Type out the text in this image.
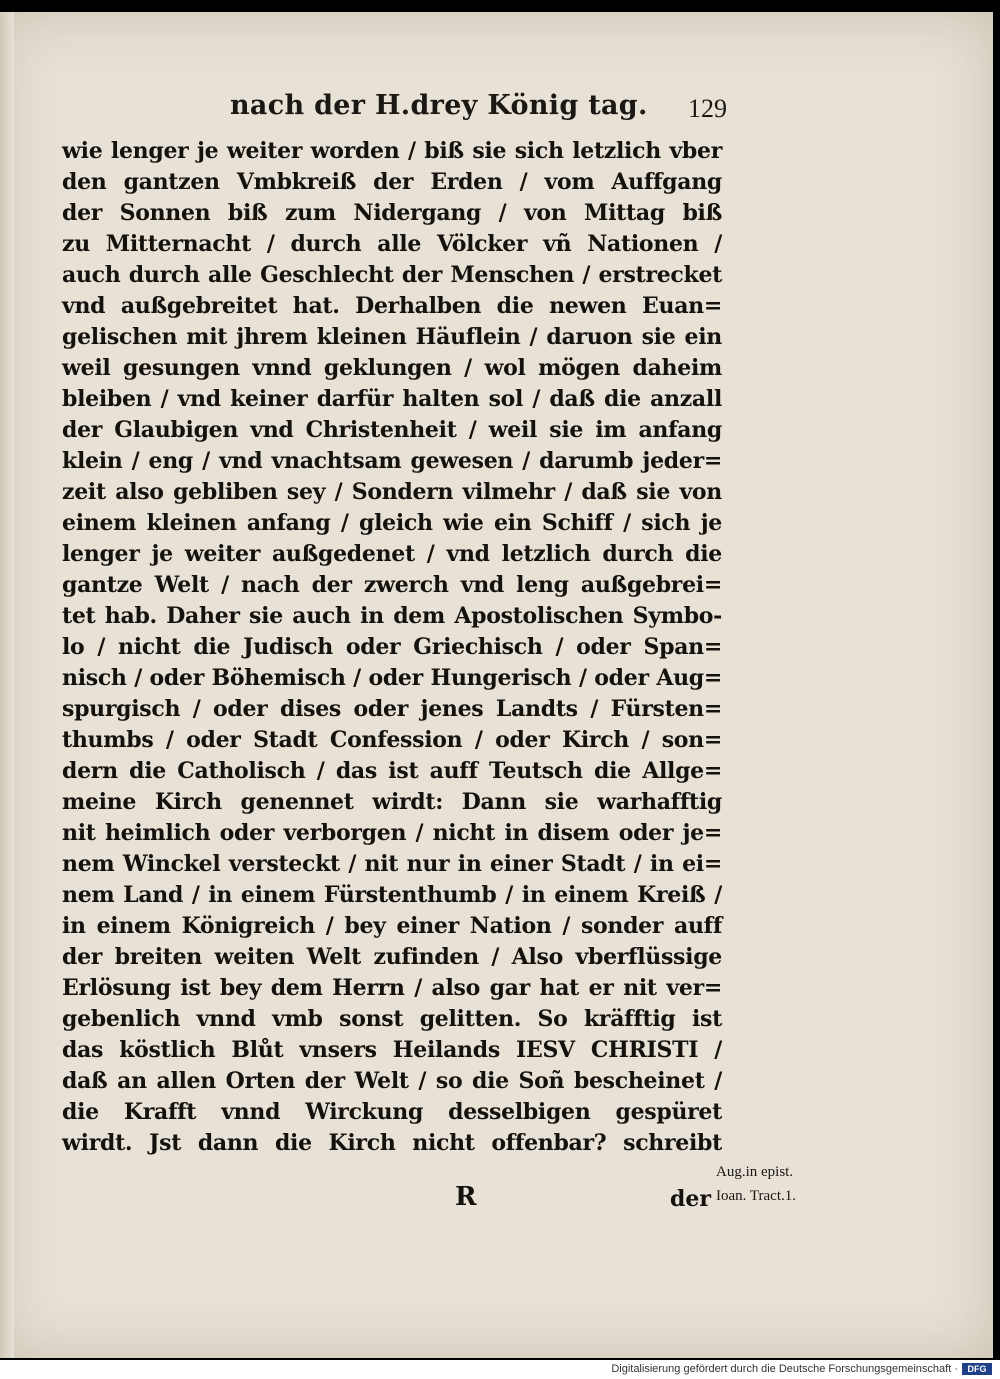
nach der H.drey König tag. 129
wie lenger je weiter worden / biß sie sich letzlich vber
den gantzen Vmbkreiß der Erden / vom Auffgang
der Sonnen biß zum Nidergang / von Mittag biß
zu Mitternacht / durch alle Völcker vñ Nationen /
auch durch alle Geschlecht der Menschen / erstrecket
vnd außgebreitet hat. Derhalben die newen Euan=
gelischen mit jhrem kleinen Häuflein / daruon sie ein
weil gesungen vnnd geklungen / wol mögen daheim
bleiben / vnd keiner darfür halten sol / daß die anzall
der Glaubigen vnd Christenheit / weil sie im anfang
klein / eng / vnd vnachtsam gewesen / darumb jeder=
zeit also gebliben sey / Sondern vilmehr / daß sie von
einem kleinen anfang / gleich wie ein Schiff / sich je
lenger je weiter außgedenet / vnd letzlich durch die
gantze Welt / nach der zwerch vnd leng außgebrei=
tet hab. Daher sie auch in dem Apostolischen Symbo-
lo / nicht die Judisch oder Griechisch / oder Span=
nisch / oder Böhemisch / oder Hungerisch / oder Aug=
spurgisch / oder dises oder jenes Landts / Fürsten=
thumbs / oder Stadt Confession / oder Kirch / son=
dern die Catholisch / das ist auff Teutsch die Allge=
meine Kirch genennet wirdt: Dann sie warhafftig
nit heimlich oder verborgen / nicht in disem oder je=
nem Winckel versteckt / nit nur in einer Stadt / in ei=
nem Land / in einem Fürstenthumb / in einem Kreiß /
in einem Königreich / bey einer Nation / sonder auff
der breiten weiten Welt zufinden / Also vberflüssige
Erlösung ist bey dem Herrn / also gar hat er nit ver=
gebenlich vnnd vmb sonst gelitten. So kräfftig ist
das köstlich Blůt vnsers Heilands IESV CHRISTI /
daß an allen Orten der Welt / so die Soñ bescheinet /
die Krafft vnnd Wirckung desselbigen gespüret
wirdt. Jst dann die Kirch nicht offenbar? schreibt
R	der
Aug.in epist.
Ioan. Tract.1.
Digitalisierung gefördert durch die Deutsche Forschungsgemeinschaft ·	DFG
